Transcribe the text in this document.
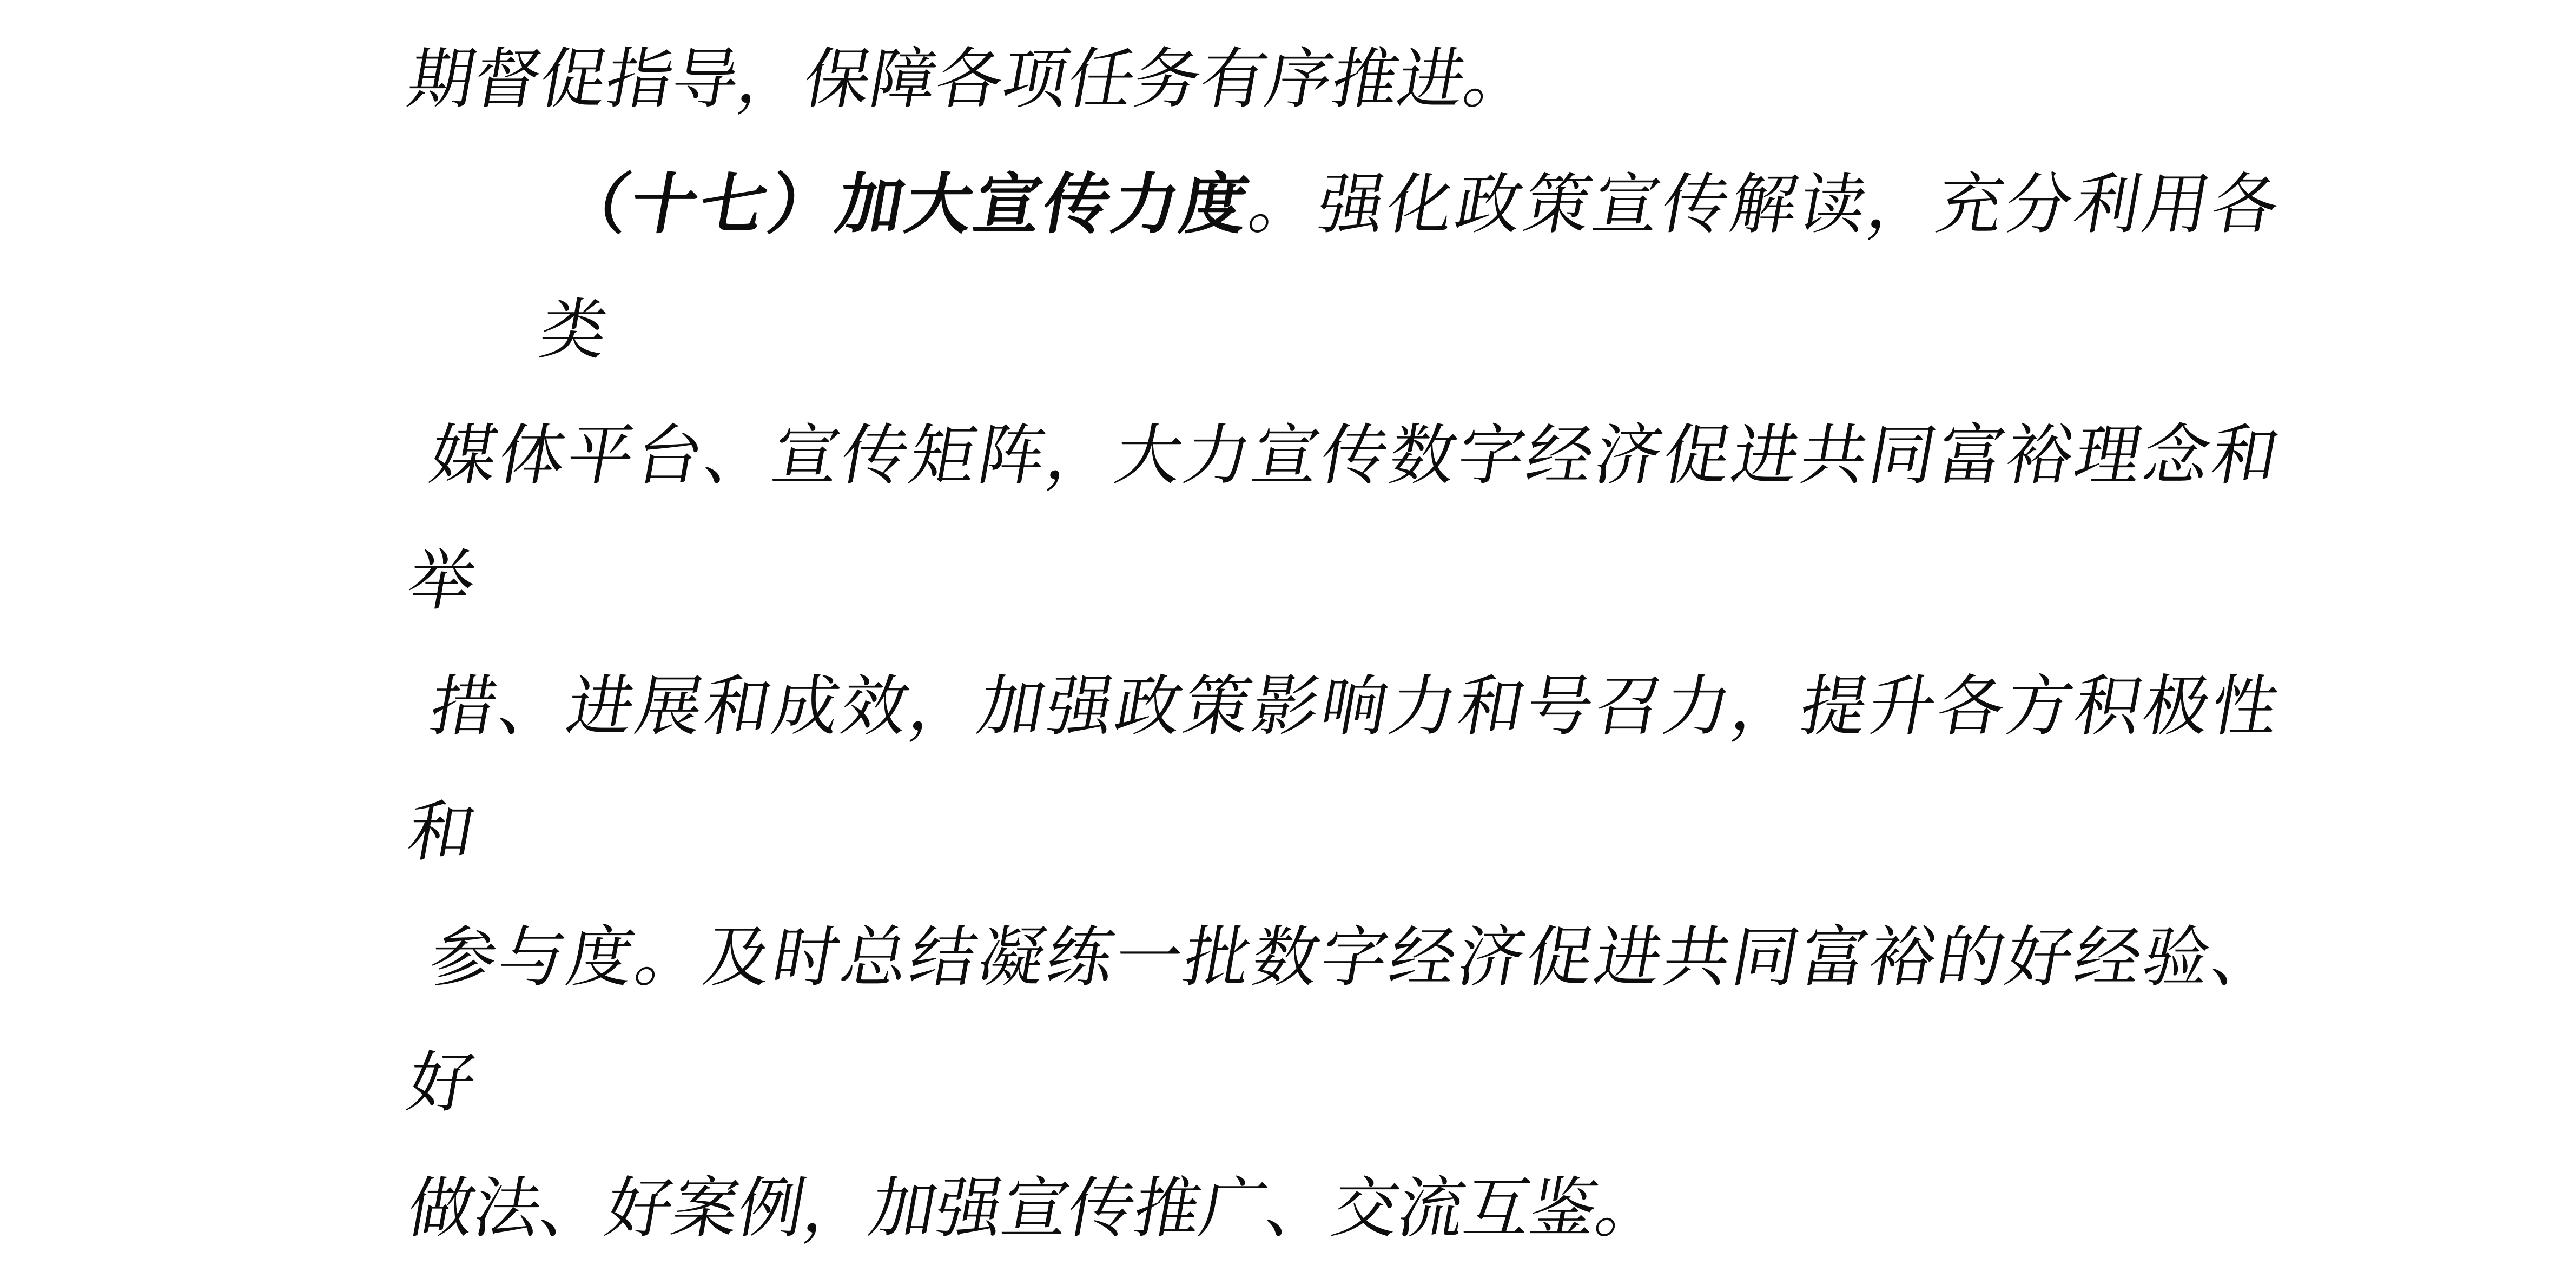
期督促指导，保障各项任务有序推进。

（十七）加大宣传力度。强化政策宣传解读，充分利用各类

媒体平台、宣传矩阵，大力宣传数字经济促进共同富裕理念和举

措、进展和成效，加强政策影响力和号召力，提升各方积极性和

参与度。及时总结凝练一批数字经济促进共同富裕的好经验、好

做法、好案例，加强宣传推广、交流互鉴。
